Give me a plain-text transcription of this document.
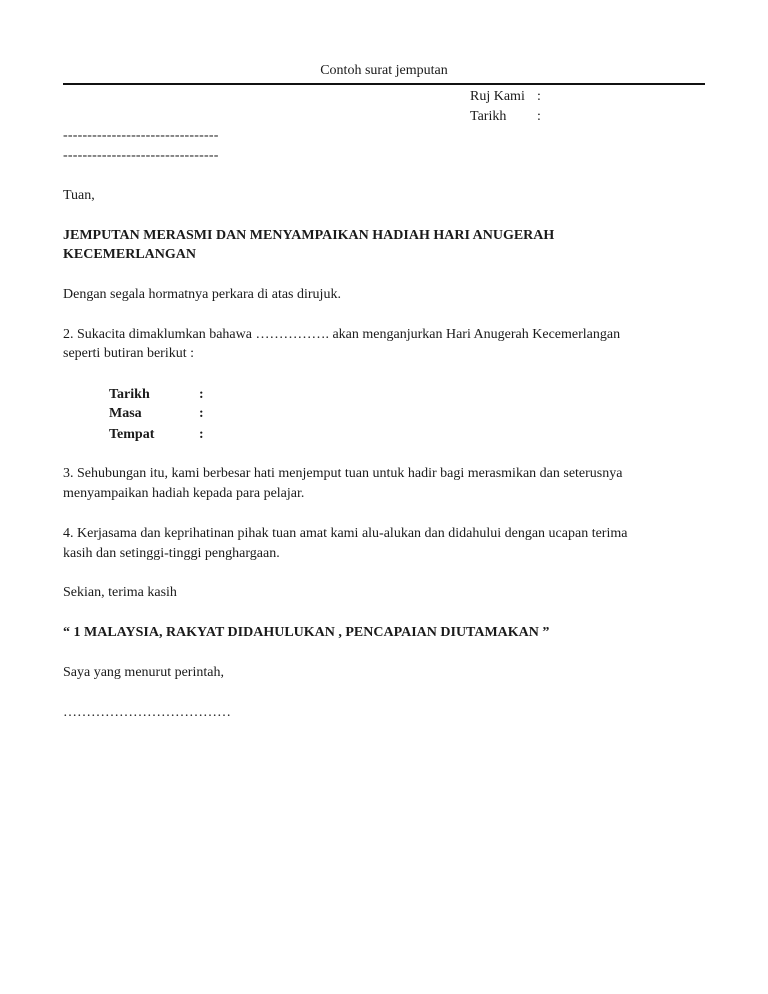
Contoh surat jemputan
Ruj Kami :
Tarikh :
--------------------------------
--------------------------------
Tuan,
JEMPUTAN MERASMI DAN MENYAMPAIKAN HADIAH HARI ANUGERAH
KECEMERLANGAN
Dengan segala hormatnya perkara di atas dirujuk.
2. Sukacita dimaklumkan bahawa ……………. akan menganjurkan Hari Anugerah Kecemerlangan
seperti butiran berikut :
Tarikh	:
Masa	:
Tempat	:
3. Sehubungan itu, kami berbesar hati menjemput tuan untuk hadir bagi merasmikan dan seterusnya
menyampaikan hadiah kepada para pelajar.
4. Kerjasama dan keprihatinan pihak tuan amat kami alu-alukan dan didahului dengan ucapan terima
kasih dan setinggi-tinggi penghargaan.
Sekian, terima kasih
“ 1 MALAYSIA, RAKYAT DIDAHULUKAN , PENCAPAIAN DIUTAMAKAN ”
Saya yang menurut perintah,
………………………………
